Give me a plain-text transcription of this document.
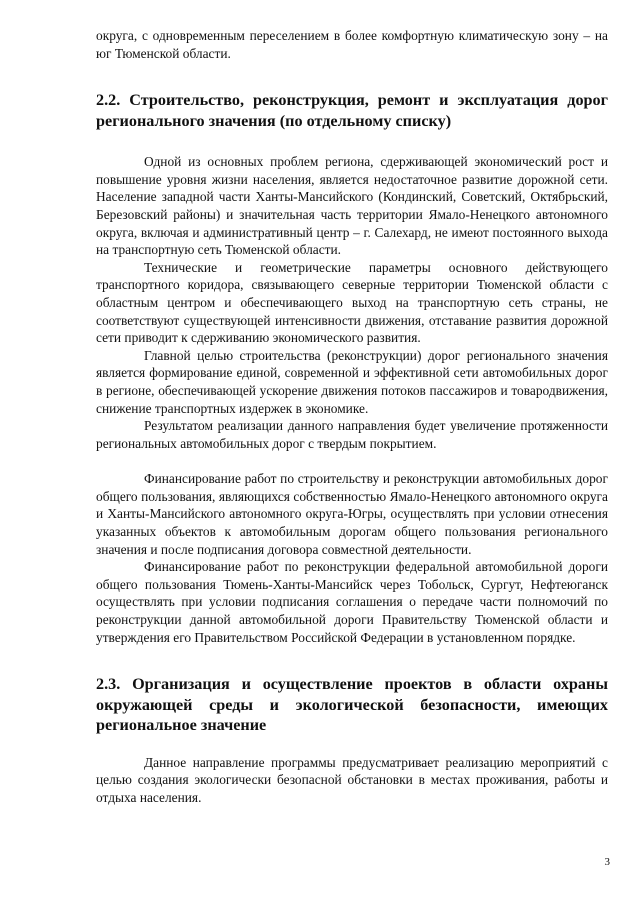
округа, с одновременным переселением в более комфортную климатическую зону – на юг Тюменской области.

2.2. Строительство, реконструкция, ремонт и эксплуатация дорог регионального значения (по отдельному списку)

Одной из основных проблем региона, сдерживающей экономический рост и повышение уровня жизни населения, является недостаточное развитие дорожной сети. Население западной части Ханты-Мансийского (Кондинский, Советский, Октябрьский, Березовский районы) и значительная часть территории Ямало-Ненецкого автономного округа, включая и административный центр – г. Салехард, не имеют постоянного выхода на транспортную сеть Тюменской области.

Технические и геометрические параметры основного действующего транспортного коридора, связывающего северные территории Тюменской области с областным центром и обеспечивающего выход на транспортную сеть страны, не соответствуют существующей интенсивности движения, отставание развития дорожной сети приводит к сдерживанию экономического развития.

Главной целью строительства (реконструкции) дорог регионального значения является формирование единой, современной и эффективной сети автомобильных дорог в регионе, обеспечивающей ускорение движения потоков пассажиров и товародвижения, снижение транспортных издержек в экономике.

Результатом реализации данного направления будет увеличение протяженности региональных автомобильных дорог с твердым покрытием.

Финансирование работ по строительству и реконструкции автомобильных дорог общего пользования, являющихся собственностью Ямало-Ненецкого автономного округа и Ханты-Мансийского автономного округа-Югры, осуществлять при условии отнесения указанных объектов к автомобильным дорогам общего пользования регионального значения и после подписания договора совместной деятельности.

Финансирование работ по реконструкции федеральной автомобильной дороги общего пользования Тюмень-Ханты-Мансийск через Тобольск, Сургут, Нефтеюганск осуществлять при условии подписания соглашения о передаче части полномочий по реконструкции данной автомобильной дороги Правительству Тюменской области и утверждения его Правительством Российской Федерации в установленном порядке.

2.3. Организация и осуществление проектов в области охраны окружающей среды и экологической безопасности, имеющих региональное значение

Данное направление программы предусматривает реализацию мероприятий с целью создания экологически безопасной обстановки в местах проживания, работы и отдыха населения.

3
